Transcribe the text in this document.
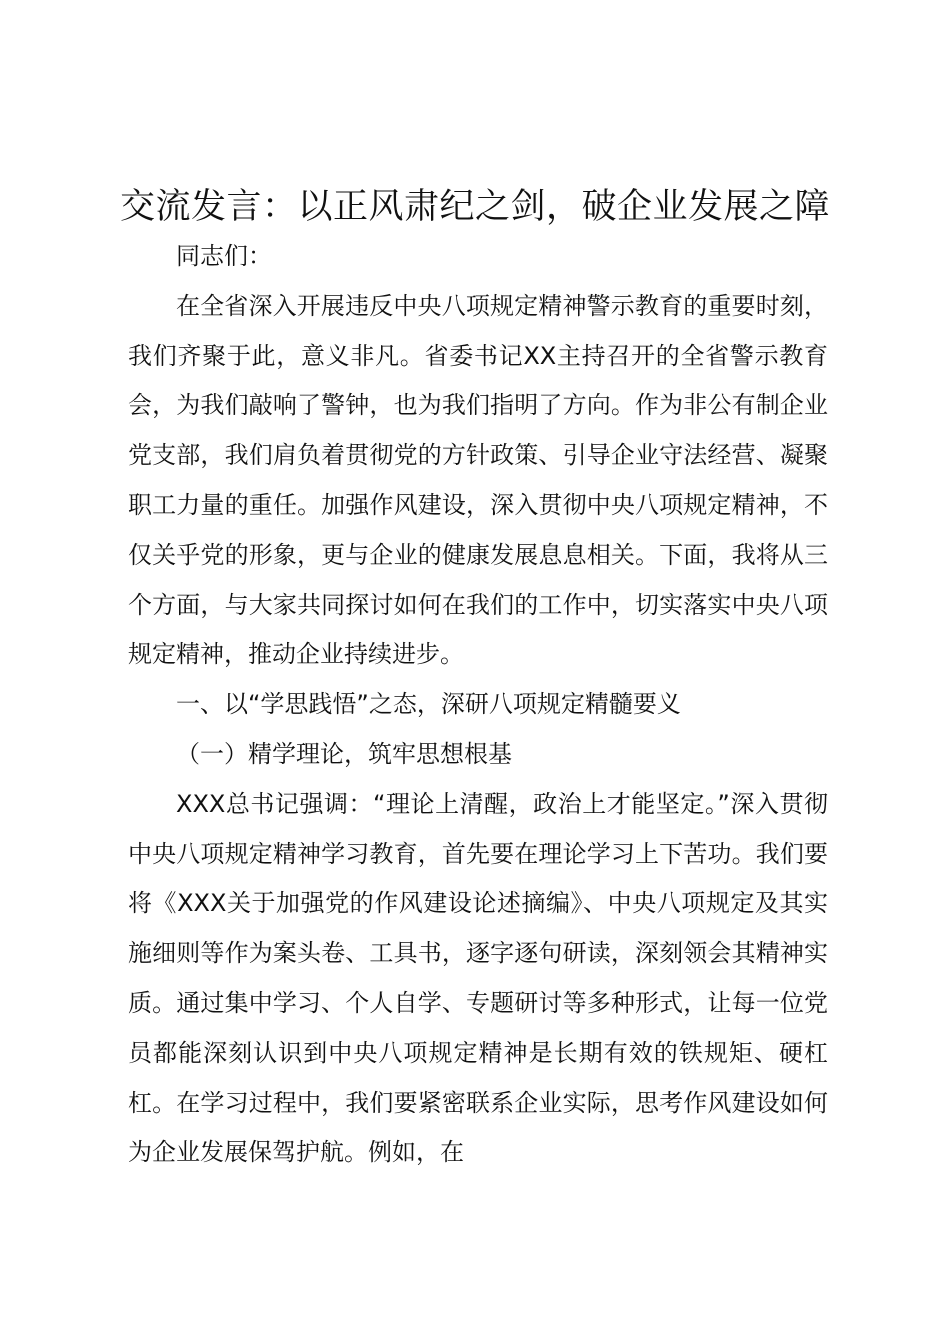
交流发言：以正风肃纪之剑，破企业发展之障

同志们：

在全省深入开展违反中央八项规定精神警示教育的重要时刻，我们齐聚于此，意义非凡。省委书记XX主持召开的全省警示教育会，为我们敲响了警钟，也为我们指明了方向。作为非公有制企业党支部，我们肩负着贯彻党的方针政策、引导企业守法经营、凝聚职工力量的重任。加强作风建设，深入贯彻中央八项规定精神，不仅关乎党的形象，更与企业的健康发展息息相关。下面，我将从三个方面，与大家共同探讨如何在我们的工作中，切实落实中央八项规定精神，推动企业持续进步。

一、以“学思践悟”之态，深研八项规定精髓要义

（一）精学理论，筑牢思想根基

XXX总书记强调：“理论上清醒，政治上才能坚定。”深入贯彻中央八项规定精神学习教育，首先要在理论学习上下苦功。我们要将《XXX关于加强党的作风建设论述摘编》、中央八项规定及其实施细则等作为案头卷、工具书，逐字逐句研读，深刻领会其精神实质。通过集中学习、个人自学、专题研讨等多种形式，让每一位党员都能深刻认识到中央八项规定精神是长期有效的铁规矩、硬杠杠。在学习过程中，我们要紧密联系企业实际，思考作风建设如何为企业发展保驾护航。例如，在
